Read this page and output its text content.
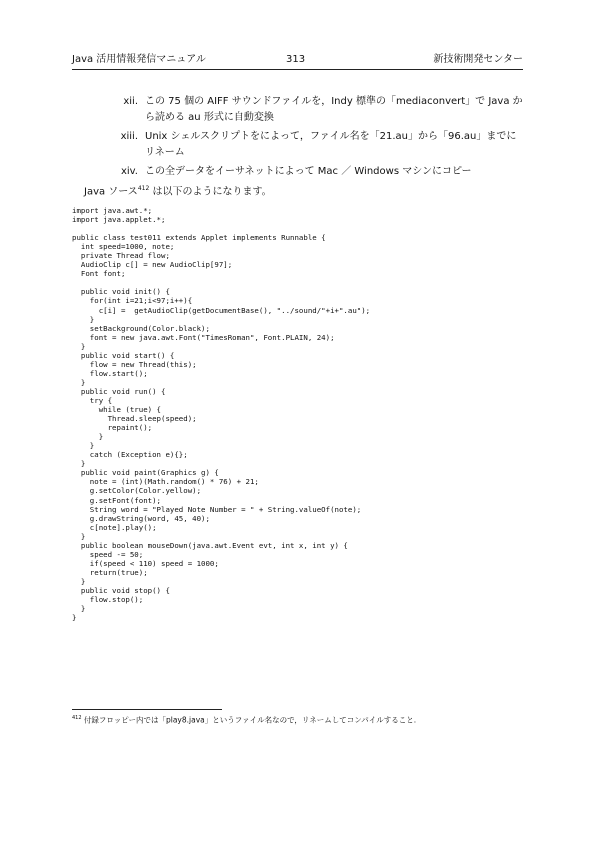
Java 活用情報発信マニュアル	313	新技術開発センター
xii. この 75 個の AIFF サウンドファイルを，Indy 標準の「mediaconvert」で Java から読める au 形式に自動変換
xiii. Unix シェルスクリプトをによって，ファイル名を「21.au」から「96.au」までにリネーム
xiv. この全データをイーサネットによって Mac ／ Windows マシンにコピー
Java ソース$^{412}$ は以下のようになります。
import java.awt.*;
import java.applet.*;

public class test011 extends Applet implements Runnable {
int speed=1000, note;
private Thread flow;
AudioClip c[] = new AudioClip[97];
Font font;

public void init() {
for(int i=21;i<97;i++){
c[i] =  getAudioClip(getDocumentBase(), "../sound/"+i+".au");
}
setBackground(Color.black);
font = new java.awt.Font("TimesRoman", Font.PLAIN, 24);
}
public void start() {
flow = new Thread(this);
flow.start();
}
public void run() {
try {
while (true) {
Thread.sleep(speed);
repaint();
}
}
catch (Exception e){};
}
public void paint(Graphics g) {
note = (int)(Math.random() * 76) + 21;
g.setColor(Color.yellow);
g.setFont(font);
String word = "Played Note Number = " + String.valueOf(note);
g.drawString(word, 45, 40);
c[note].play();
}
public boolean mouseDown(java.awt.Event evt, int x, int y) {
speed -= 50;
if(speed < 110) speed = 1000;
return(true);
}
public void stop() {
flow.stop();
}
}
$^{412}$ 付録フロッピー内では「play8.java」というファイル名なので，リネームしてコンパイルすること.
